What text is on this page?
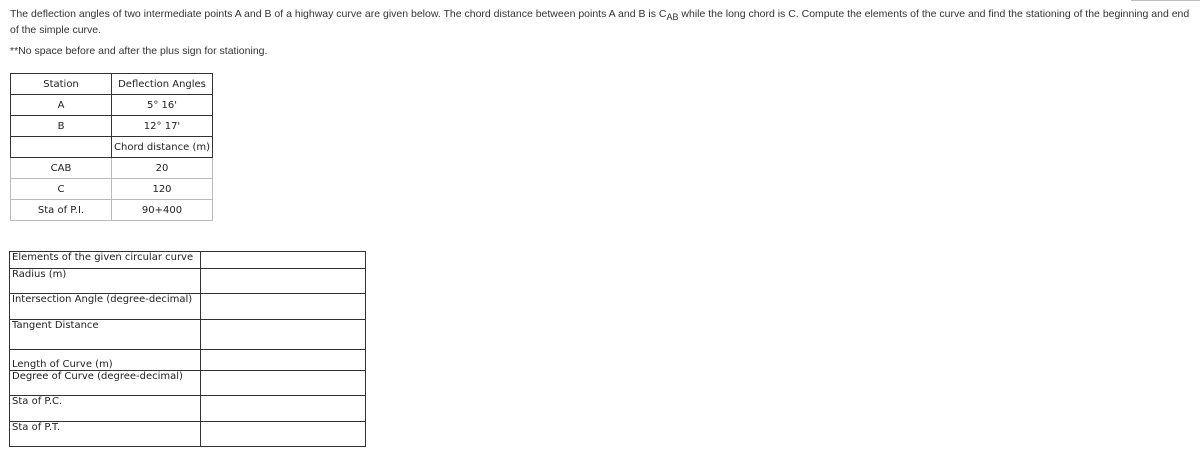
The deflection angles of two intermediate points A and B of a highway curve are given below. The chord distance between points A and B is $C_{AB}$ while the long chord is C. Compute the elements of the curve and find the stationing of the beginning and end of the simple curve.
**No space before and after the plus sign for stationing.
Station	Deflection Angles
A	5° 16'
B	12° 17'
	Chord distance (m)
CAB	20
C	120
Sta of P.I.	90+400
Elements of the given circular curve	
Radius (m)	
Intersection Angle (degree-decimal)	
Tangent Distance	
Length of Curve (m)	
Degree of Curve (degree-decimal)	
Sta of P.C.	
Sta of P.T.	
